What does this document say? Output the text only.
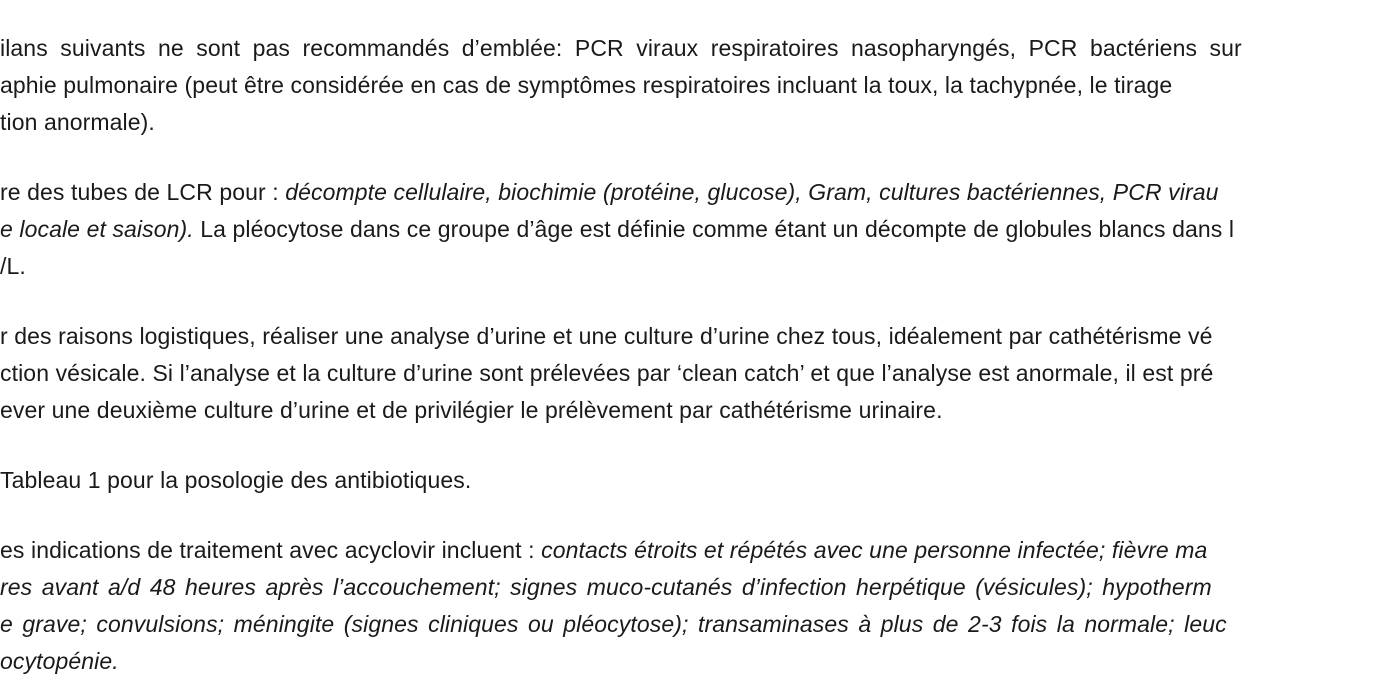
ilans suivants ne sont pas recommandés d’emblée: PCR viraux respiratoires nasopharyngés, PCR bactériens sur
aphie pulmonaire (peut être considérée en cas de symptômes respiratoires incluant la toux, la tachypnée, le tirage
tion anormale).
re des tubes de LCR pour : décompte cellulaire, biochimie (protéine, glucose), Gram, cultures bactériennes, PCR virau
e locale et saison). La pléocytose dans ce groupe d’âge est définie comme étant un décompte de globules blancs dans l
/L.
r des raisons logistiques, réaliser une analyse d’urine et une culture d’urine chez tous, idéalement par cathétérisme vé
ction vésicale. Si l’analyse et la culture d’urine sont prélevées par ‘clean catch’ et que l’analyse est anormale, il est pré
ever une deuxième culture d’urine et de privilégier le prélèvement par cathétérisme urinaire.
Tableau 1 pour la posologie des antibiotiques.
es indications de traitement avec acyclovir incluent : contacts étroits et répétés avec une personne infectée; fièvre ma
res avant a/d 48 heures après l’accouchement; signes muco-cutanés d’infection herpétique (vésicules); hypotherm
e grave; convulsions; méningite (signes cliniques ou pléocytose); transaminases à plus de 2-3 fois la normale; leuc
ocytopénie.
